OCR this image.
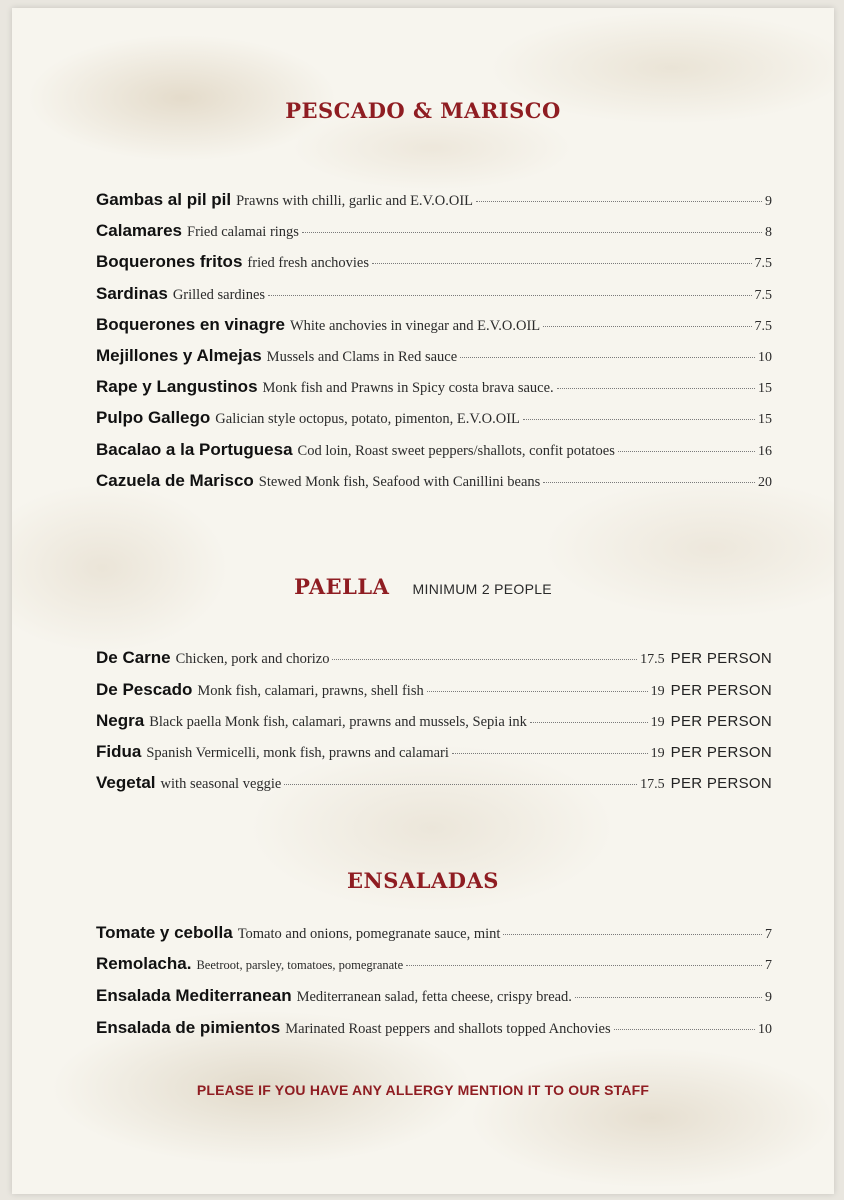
PESCADO & MARISCO
Gambas al pil pil Prawns with chilli, garlic and E.V.O.OIL	9
Calamares Fried calamai rings	8
Boquerones fritos fried fresh anchovies	7.5
Sardinas Grilled sardines	7.5
Boquerones en vinagre White anchovies in vinegar and E.V.O.OIL	7.5
Mejillones y Almejas Mussels and Clams in Red sauce	10
Rape y Langustinos Monk fish and Prawns in Spicy costa brava sauce.	15
Pulpo Gallego Galician style octopus, potato, pimenton, E.V.O.OIL	15
Bacalao a la Portuguesa Cod loin, Roast sweet peppers/shallots, confit potatoes	16
Cazuela de Marisco Stewed Monk fish, Seafood with Canillini beans	20
PAELLA MINIMUM 2 PEOPLE
De Carne Chicken, pork and chorizo	17.5 PER PERSON
De Pescado Monk fish, calamari, prawns, shell fish	19 PER PERSON
Negra Black paella Monk fish, calamari, prawns and mussels, Sepia ink	19 PER PERSON
Fidua Spanish Vermicelli, monk fish, prawns and calamari	19 PER PERSON
Vegetal with seasonal veggie	17.5 PER PERSON
ENSALADAS
Tomate y cebolla Tomato and onions, pomegranate sauce, mint	7
Remolacha. Beetroot, parsley, tomatoes, pomegranate	7
Ensalada Mediterranean Mediterranean salad, fetta cheese, crispy bread.	9
Ensalada de pimientos Marinated Roast peppers and shallots topped Anchovies	10
PLEASE IF YOU HAVE ANY ALLERGY MENTION IT TO OUR STAFF
